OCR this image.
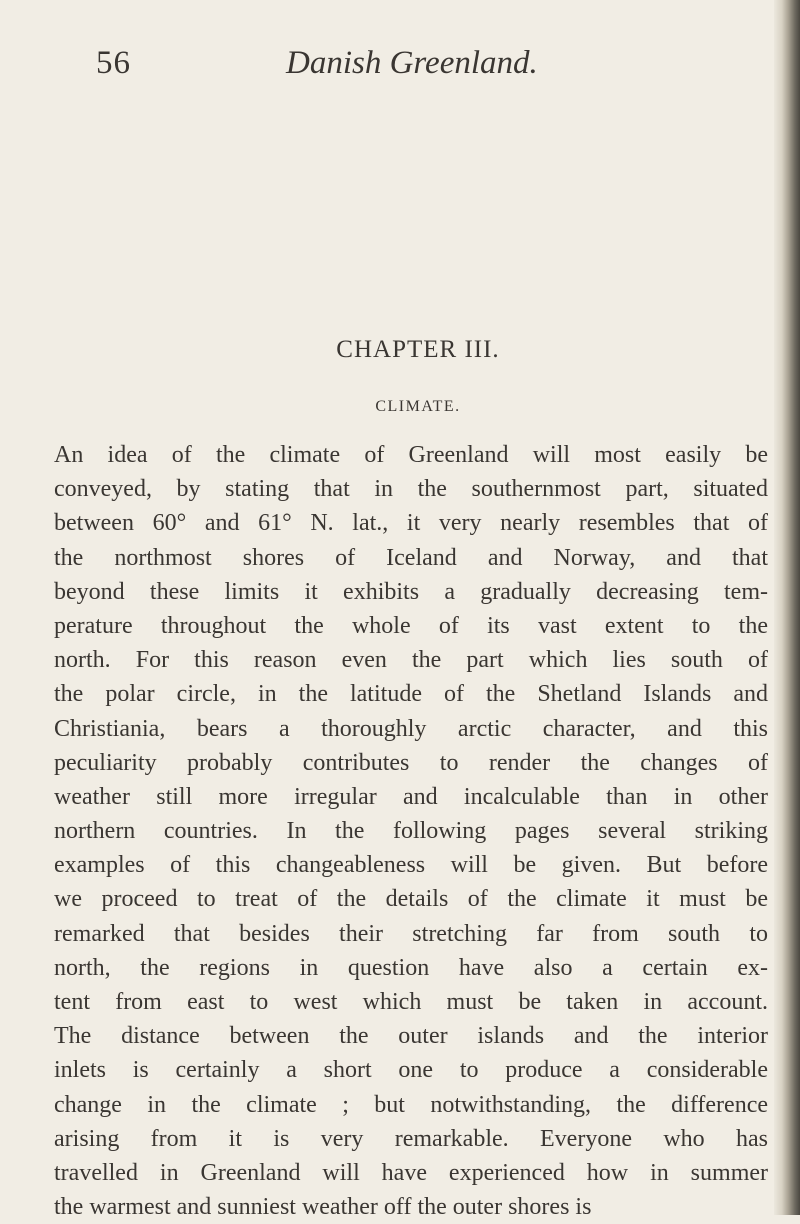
56	Danish Greenland.
CHAPTER III.
CLIMATE.
An idea of the climate of Greenland will most easily be
conveyed, by stating that in the southernmost part, situated
between 60° and 61° N. lat., it very nearly resembles that of
the northmost shores of Iceland and Norway, and that
beyond these limits it exhibits a gradually decreasing tem-
perature throughout the whole of its vast extent to the
north. For this reason even the part which lies south of
the polar circle, in the latitude of the Shetland Islands and
Christiania, bears a thoroughly arctic character, and this
peculiarity probably contributes to render the changes of
weather still more irregular and incalculable than in other
northern countries. In the following pages several striking
examples of this changeableness will be given. But before
we proceed to treat of the details of the climate it must be
remarked that besides their stretching far from south to
north, the regions in question have also a certain ex-
tent from east to west which must be taken in account.
The distance between the outer islands and the interior
inlets is certainly a short one to produce a considerable
change in the climate ; but notwithstanding, the difference
arising from it is very remarkable. Everyone who has
travelled in Greenland will have experienced how in summer
the warmest and sunniest weather off the outer shores is
